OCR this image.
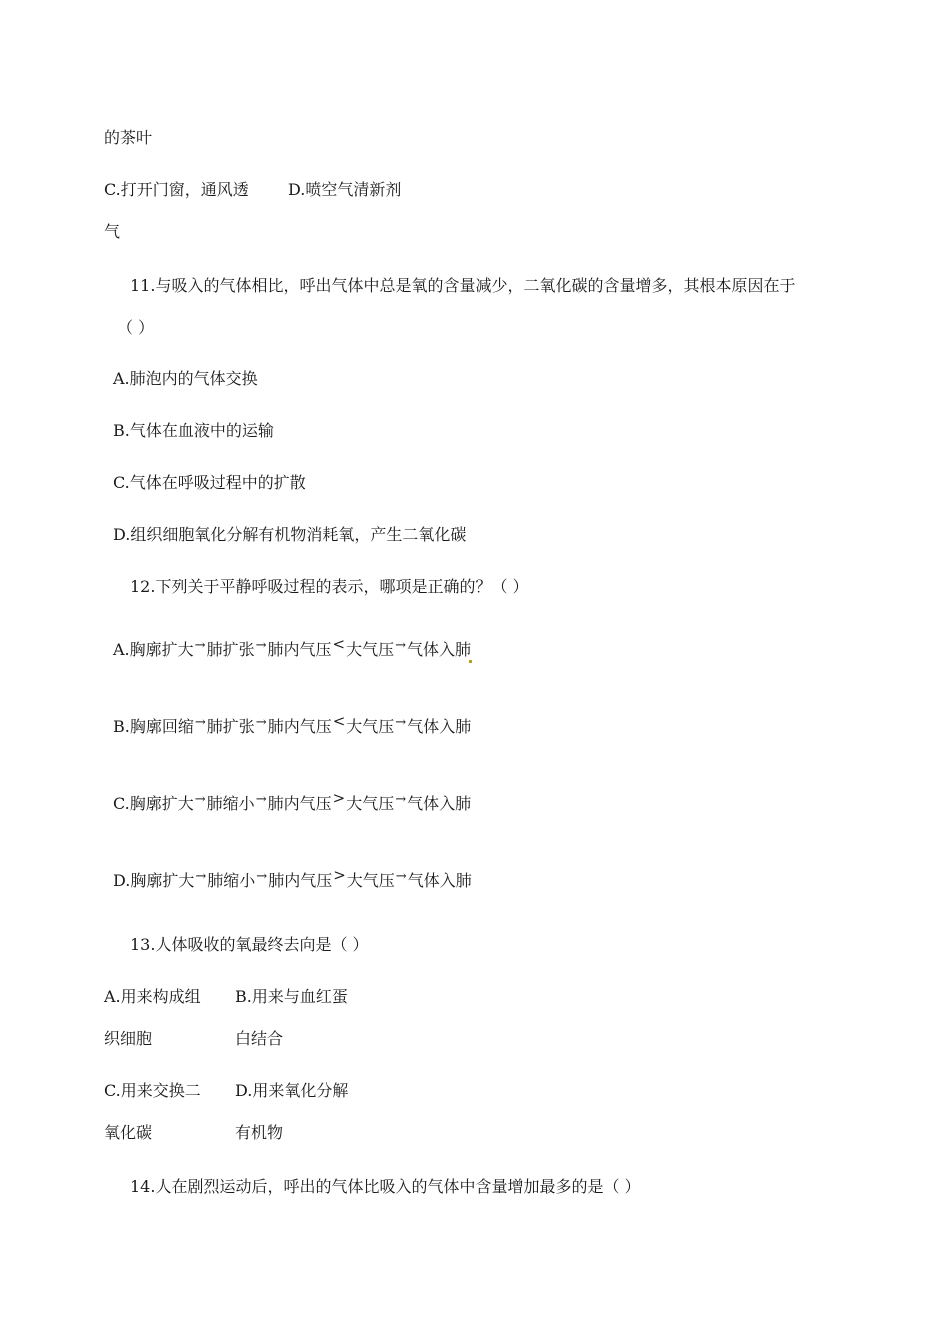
的茶叶
C.打开门窗，通风透 D.喷空气清新剂
气
11.与吸入的气体相比，呼出气体中总是氧的含量减少，二氧化碳的含量增多，其根本原因在于
（ ）
A.肺泡内的气体交换
B.气体在血液中的运输
C.气体在呼吸过程中的扩散
D.组织细胞氧化分解有机物消耗氧，产生二氧化碳
12.下列关于平静呼吸过程的表示，哪项是正确的？（ ）
A.胸廓扩大→肺扩张→肺内气压<大气压→气体入肺
B.胸廓回缩→肺扩张→肺内气压<大气压→气体入肺
C.胸廓扩大→肺缩小→肺内气压>大气压→气体入肺
D.胸廓扩大→肺缩小→肺内气压>大气压→气体入肺
13.人体吸收的氧最终去向是（ ）
A.用来构成组 B.用来与血红蛋
织细胞	白结合
C.用来交换二 D.用来氧化分解
氧化碳	有机物
14.人在剧烈运动后，呼出的气体比吸入的气体中含量增加最多的是（ ）
